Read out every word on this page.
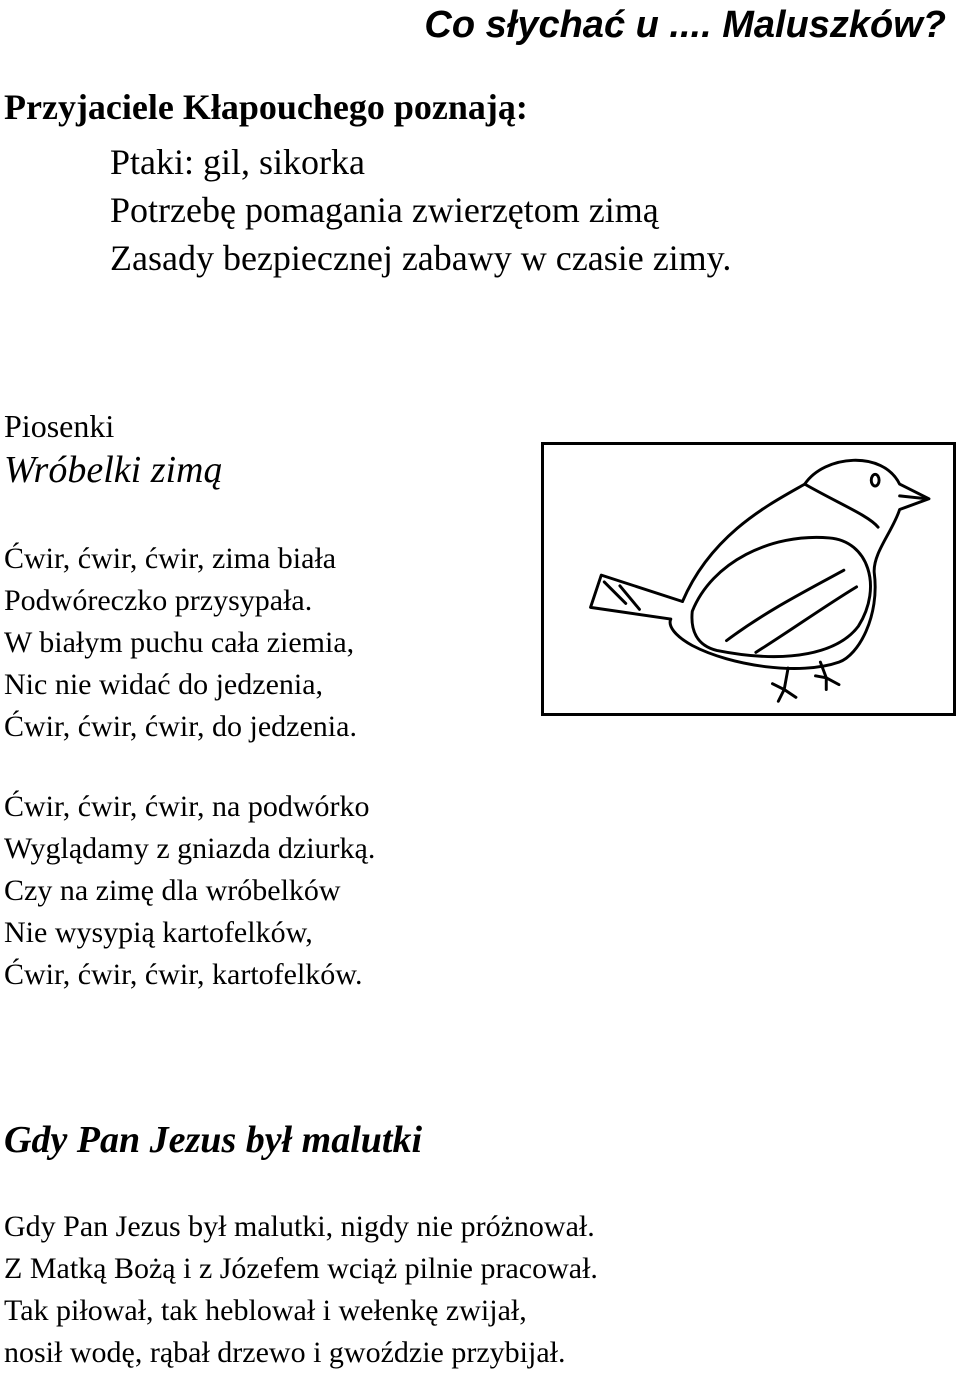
Co słychać u .... Maluszków?
Przyjaciele Kłapouchego poznają:
Ptaki: gil, sikorka
Potrzebę pomagania zwierzętom zimą
Zasady bezpiecznej zabawy w czasie zimy.
Piosenki
Wróbelki zimą
Ćwir, ćwir, ćwir, zima biała
Podwóreczko przysypała.
W białym puchu cała ziemia,
Nic nie widać do jedzenia,
Ćwir, ćwir, ćwir, do jedzenia.
Ćwir, ćwir, ćwir, na podwórko
Wyglądamy z gniazda dziurką.
Czy na zimę dla wróbelków
Nie wysypią kartofelków,
Ćwir, ćwir, ćwir, kartofelków.
Gdy Pan Jezus był malutki
Gdy Pan Jezus był malutki, nigdy nie próżnował.
Z Matką Bożą i z Józefem wciąż pilnie pracował.
Tak piłował, tak heblował i wełenkę zwijał,
nosił wodę, rąbał drzewo i gwoździe przybijał.
